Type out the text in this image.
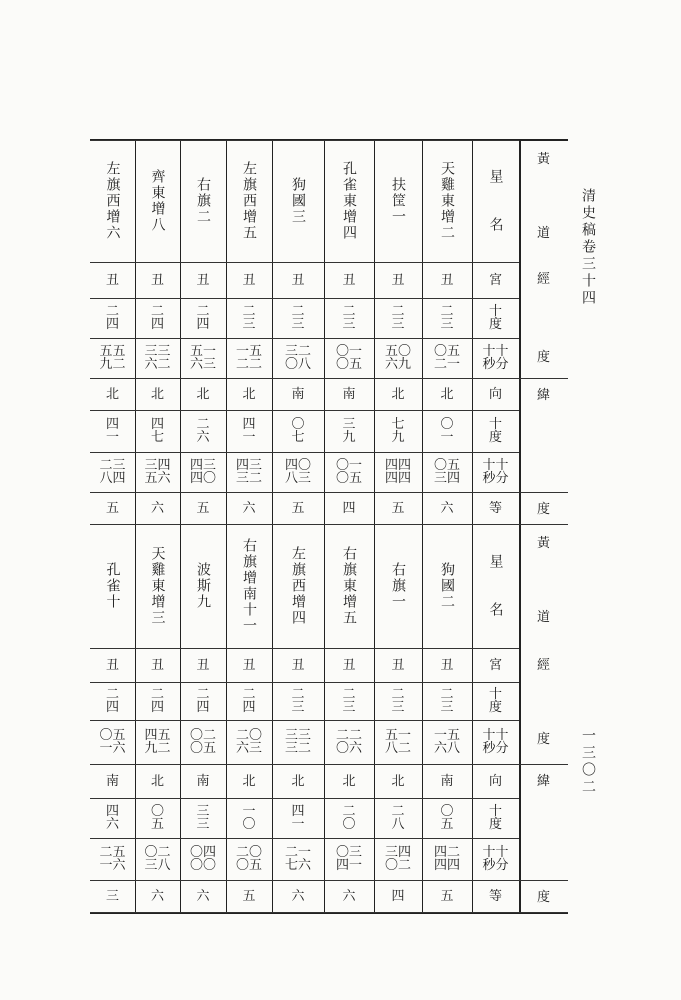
清史稿卷三十四
一三〇二
天雞東增二
丑
二
三
〇五
二一
北
〇
一
〇五
三四
六
扶筐一
丑
二
三
五〇
六九
北
七
九
四四
四四
五
孔雀東增四
丑
二
三
〇一
〇五
南
三
九
〇一
〇五
四
狗國三
丑
二
三
三二
〇八
南
〇
七
四〇
八三
五
左旗西增五
丑
二
三
一五
二二
北
四
一
四三
三二
六
右旗二
丑
二
四
五一
六三
北
二
六
四三
四〇
五
齊東增八
丑
二
四
三三
六二
北
四
七
三四
五六
六
左旗西增六
丑
二
四
五五
九二
北
四
一
二三
八四
五
星　　名
宮
十
度
十十
秒分
向
十
度
十十
秒分
等
黃
道
經
度
緯
度
狗國二
丑
二
三
一五
六八
南
〇
五
四二
四四
五
右旗一
丑
二
三
五一
八二
北
二
八
三四
〇二
四
右旗東增五
丑
二
三
二二
〇六
北
二
〇
〇三
四一
六
左旗西增四
丑
二
三
三三
三二
北
四
一
二一
七六
六
右旗增南十一
丑
二
四
二〇
六三
北
一
〇
二〇
〇五
五
波斯九
丑
二
四
〇二
〇五
南
三
三
〇四
〇〇
六
天雞東增三
丑
二
四
四五
九二
北
〇
五
〇二
三八
六
孔雀十
丑
二
四
〇五
一六
南
四
六
二五
一六
三
星　　名
宮
十
度
十十
秒分
向
十
度
十十
秒分
等
黃
道
經
度
緯
度
